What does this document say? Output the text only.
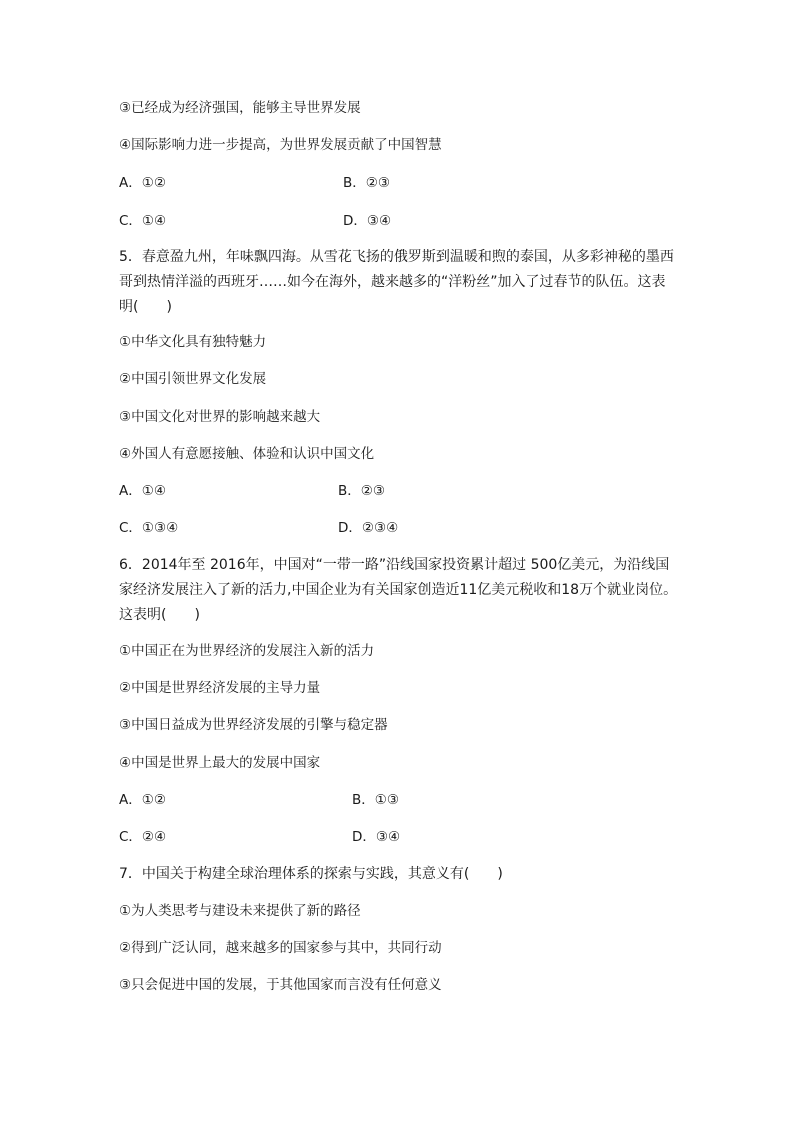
③已经成为经济强国，能够主导世界发展
④国际影响力进一步提高，为世界发展贡献了中国智慧
A．①②	B．②③
C．①④	D．③④
5．春意盈九州，年味飘四海。从雪花飞扬的俄罗斯到温暖和煦的泰国，从多彩神秘的墨西
哥到热情洋溢的西班牙……如今在海外，越来越多的“洋粉丝”加入了过春节的队伍。这表
明(　　)
①中华文化具有独特魅力
②中国引领世界文化发展
③中国文化对世界的影响越来越大
④外国人有意愿接触、体验和认识中国文化
A．①④	B．②③
C．①③④	D．②③④
6．2014年至 2016年，中国对“一带一路”沿线国家投资累计超过 500亿美元，为沿线国
家经济发展注入了新的活力,中国企业为有关国家创造近11亿美元税收和18万个就业岗位。
这表明(　　)
①中国正在为世界经济的发展注入新的活力
②中国是世界经济发展的主导力量
③中国日益成为世界经济发展的引擎与稳定器
④中国是世界上最大的发展中国家
A．①②	B．①③
C．②④	D．③④
7．中国关于构建全球治理体系的探索与实践，其意义有(　　)
①为人类思考与建设未来提供了新的路径
②得到广泛认同，越来越多的国家参与其中，共同行动
③只会促进中国的发展，于其他国家而言没有任何意义
